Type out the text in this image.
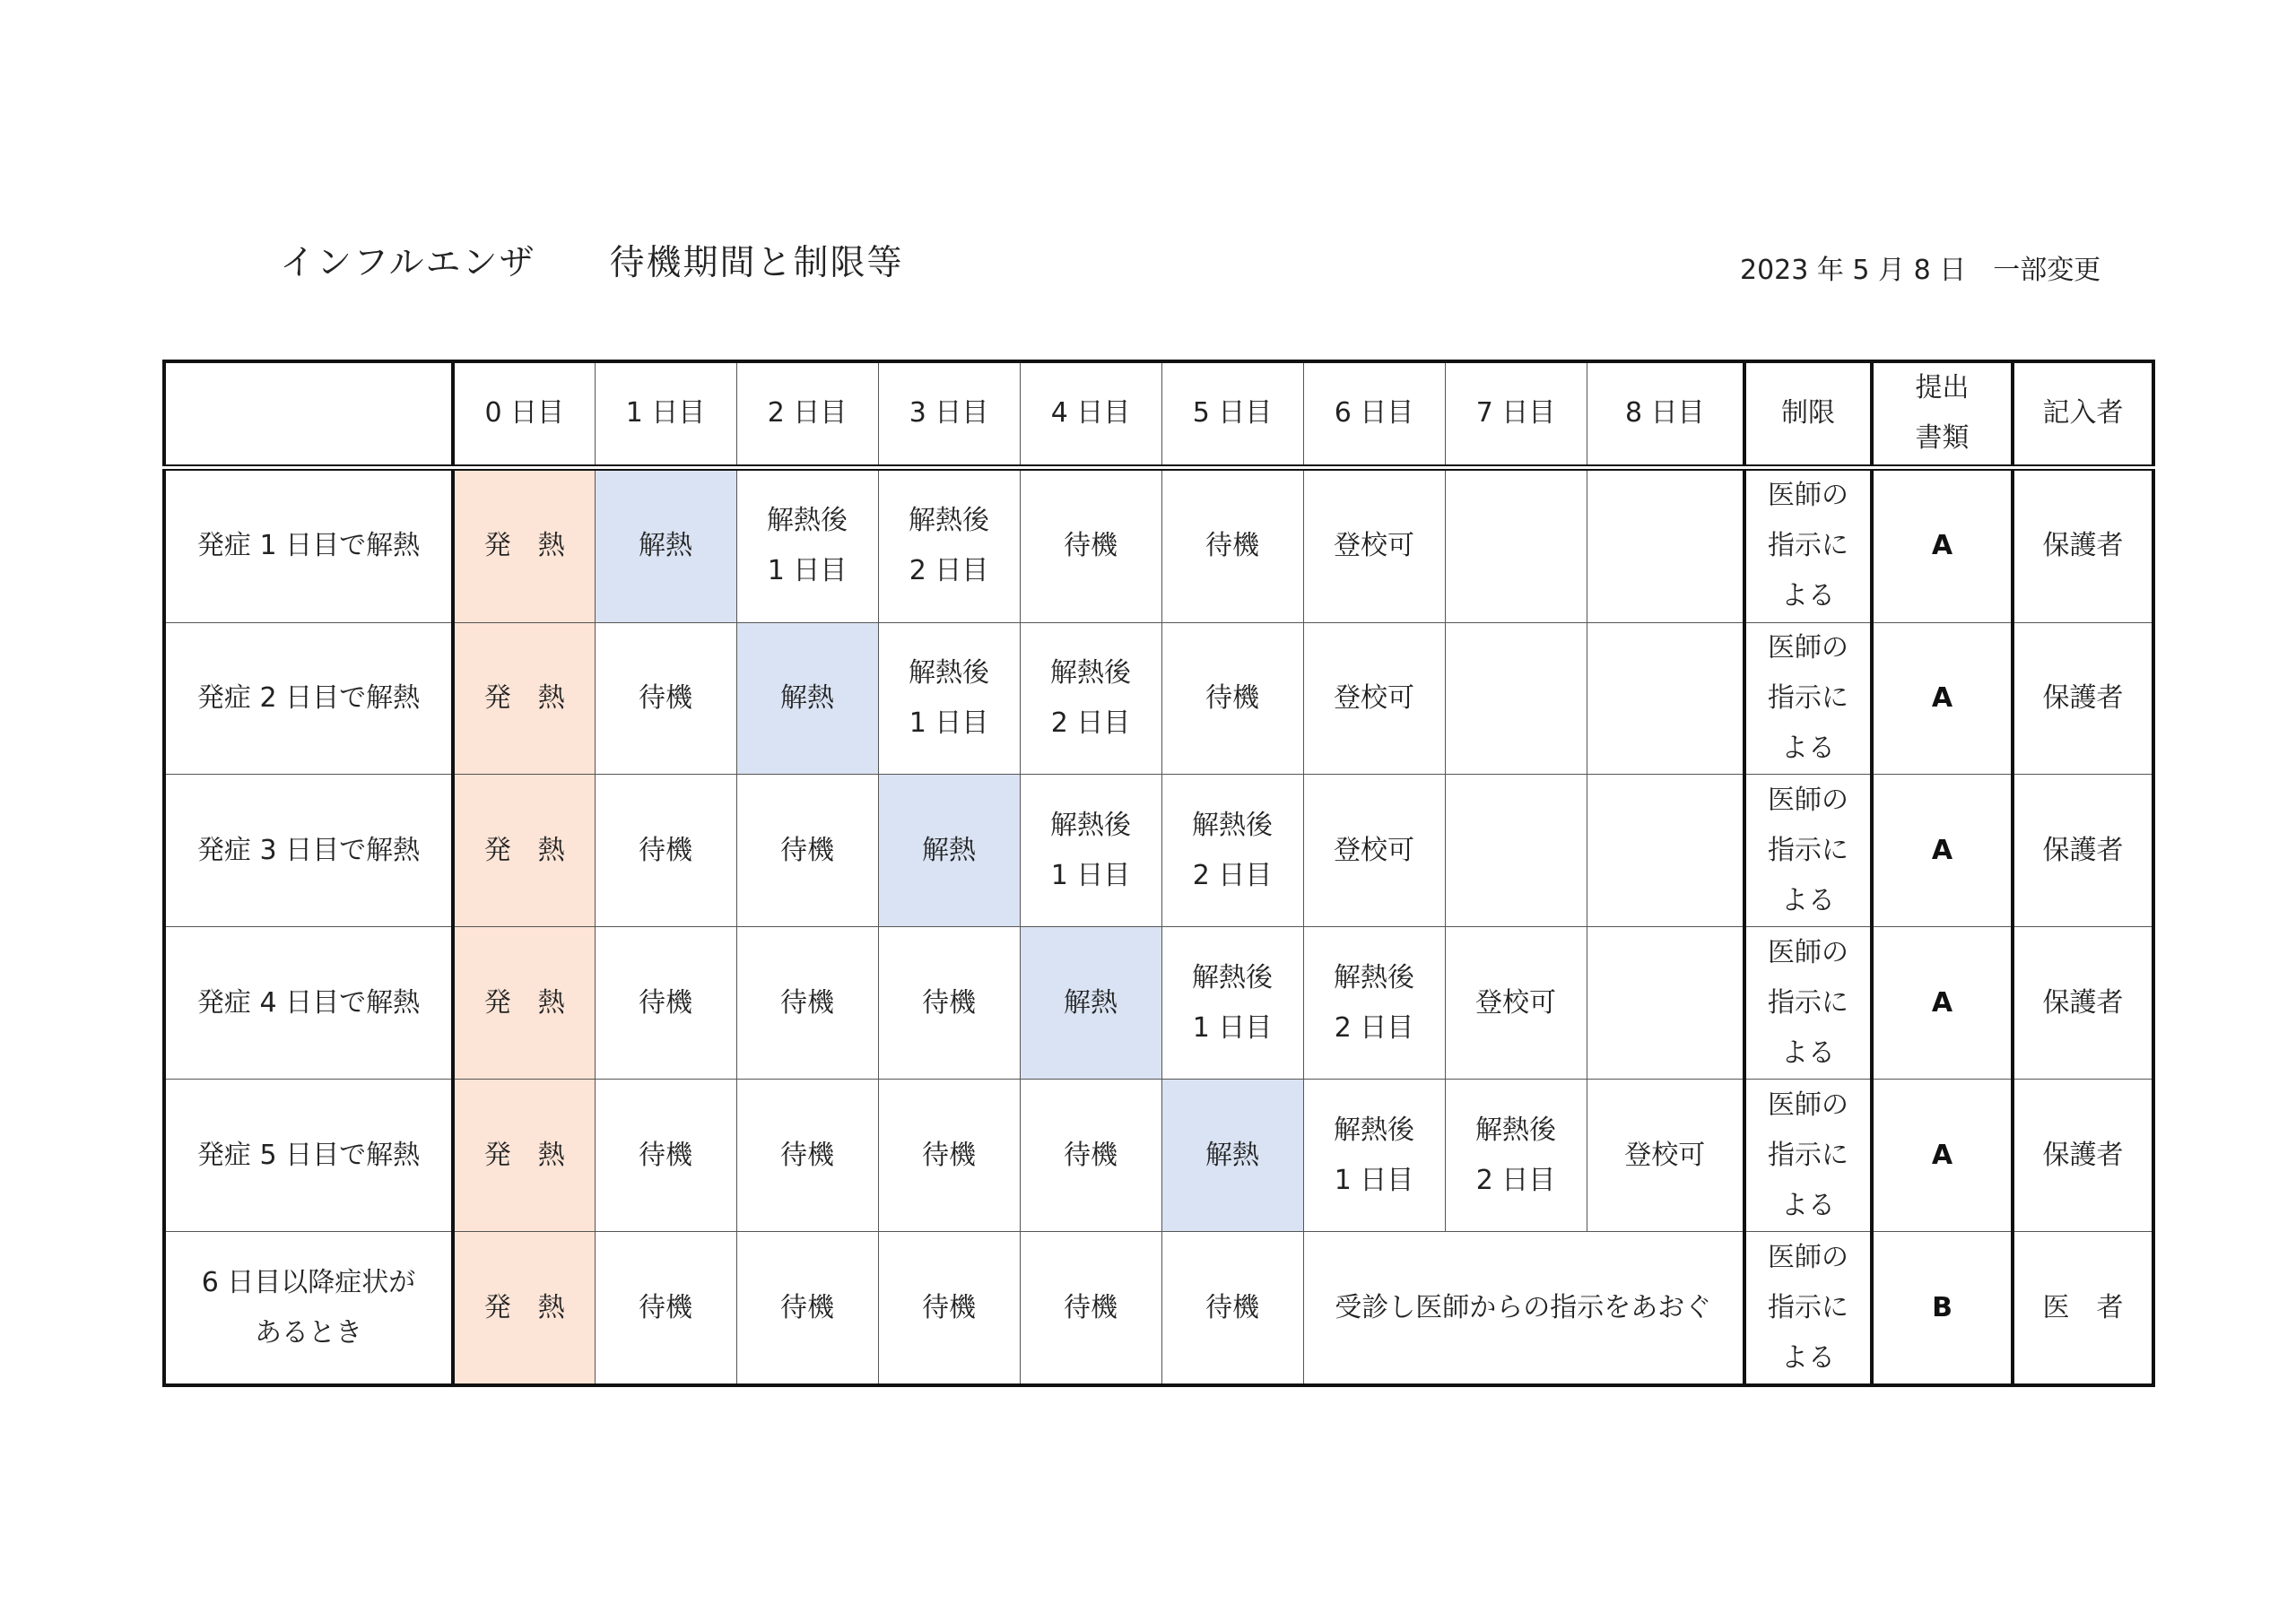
インフルエンザ　　待機期間と制限等	2023 年 5 月 8 日　一部変更
	0 日目	1 日目	2 日目	3 日目	4 日目	5 日目	6 日目	7 日目	8 日目	制限	提出
書類	記入者
発症 1 日目で解熱	発　熱	解熱	解熱後
1 日目	解熱後
2 日目	待機	待機	登校可			医師の
指示に
よる	A	保護者
発症 2 日目で解熱	発　熱	待機	解熱	解熱後
1 日目	解熱後
2 日目	待機	登校可			医師の
指示に
よる	A	保護者
発症 3 日目で解熱	発　熱	待機	待機	解熱	解熱後
1 日目	解熱後
2 日目	登校可			医師の
指示に
よる	A	保護者
発症 4 日目で解熱	発　熱	待機	待機	待機	解熱	解熱後
1 日目	解熱後
2 日目	登校可		医師の
指示に
よる	A	保護者
発症 5 日目で解熱	発　熱	待機	待機	待機	待機	解熱	解熱後
1 日目	解熱後
2 日目	登校可	医師の
指示に
よる	A	保護者
6 日目以降症状が
あるとき	発　熱	待機	待機	待機	待機	待機	受診し医師からの指示をあおぐ			医師の
指示に
よる	B	医　者
